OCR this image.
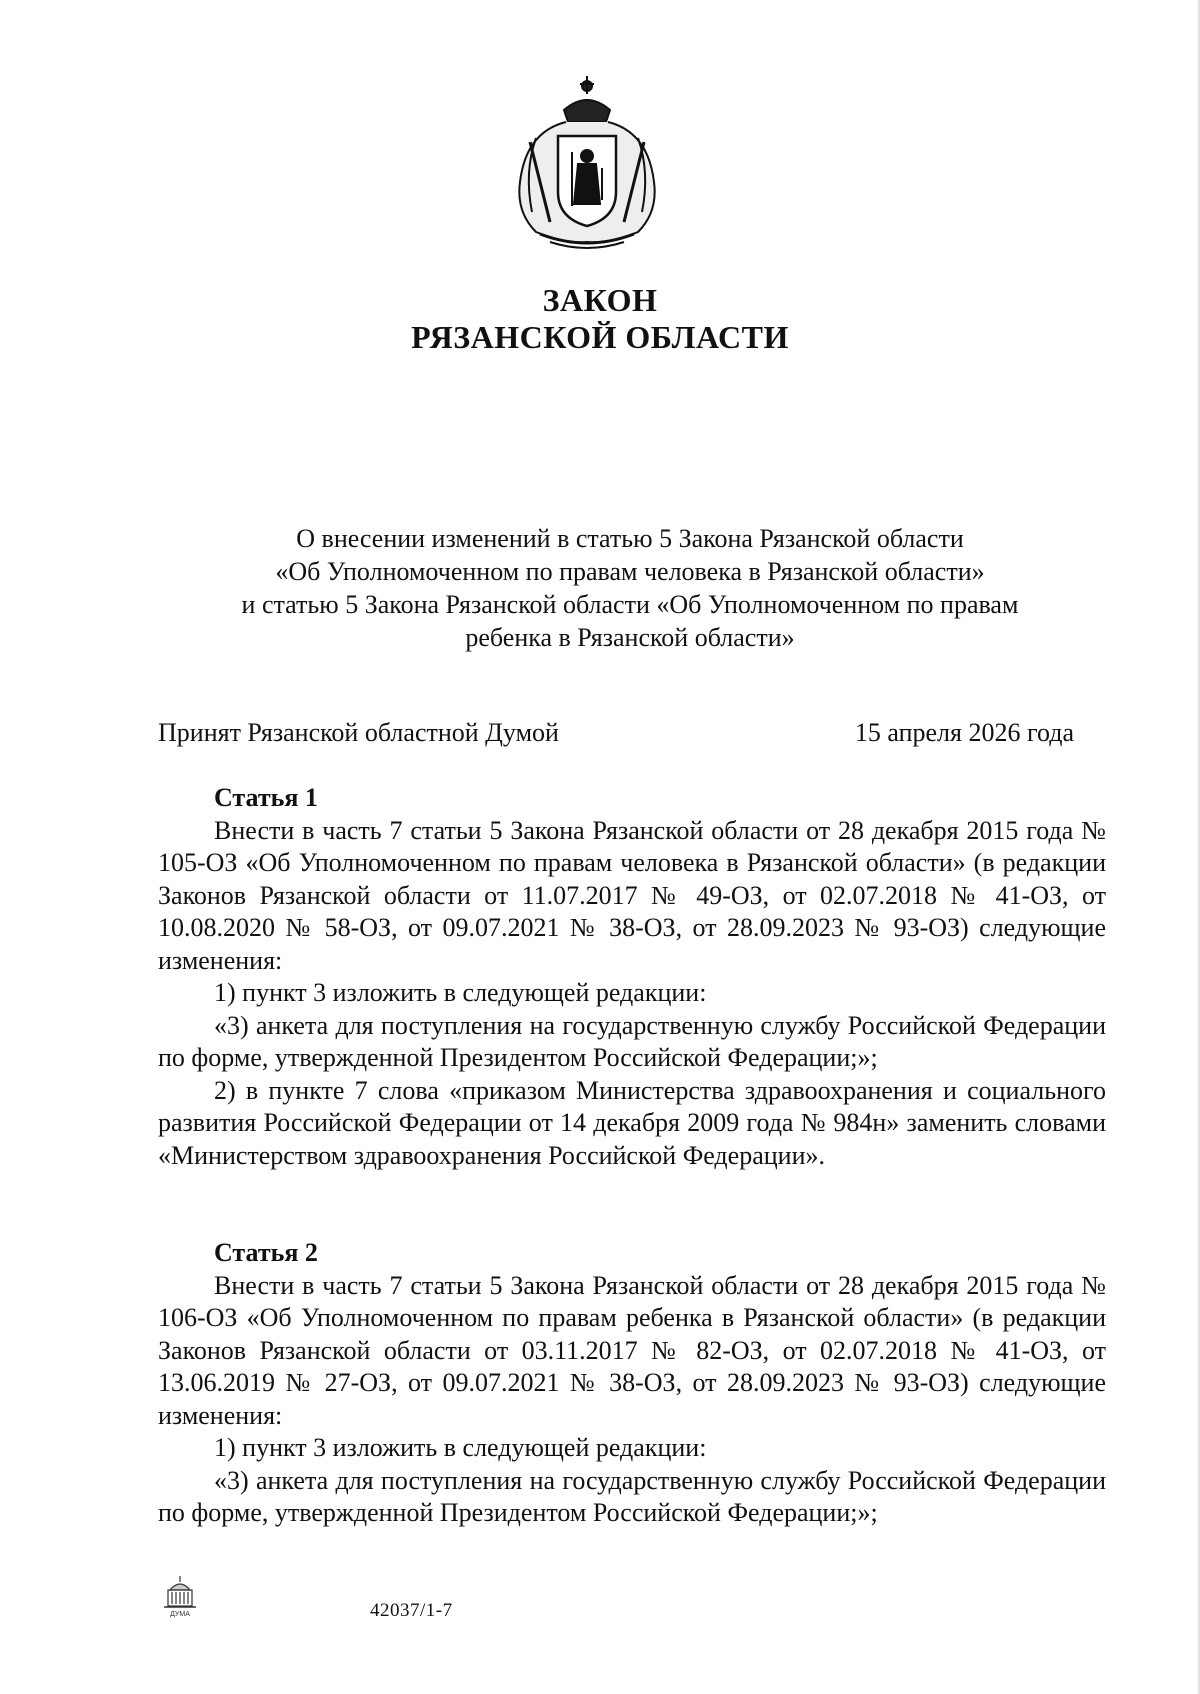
ЗАКОН
РЯЗАНСКОЙ ОБЛАСТИ
О внесении изменений в статью 5 Закона Рязанской области
«Об Уполномоченном по правам человека в Рязанской области»
и статью 5 Закона Рязанской области «Об Уполномоченном по правам
ребенка в Рязанской области»
Принят Рязанской областной Думой	15 апреля 2026 года
Статья 1

Внести в часть 7 статьи 5 Закона Рязанской области от 28 декабря 2015 года № 105-ОЗ «Об Уполномоченном по правам человека в Рязанской области» (в редакции Законов Рязанской области от 11.07.2017 № 49-ОЗ, от 02.07.2018 № 41-ОЗ, от 10.08.2020 № 58-ОЗ, от 09.07.2021 № 38-ОЗ, от 28.09.2023 № 93-ОЗ) следующие изменения:

1) пункт 3 изложить в следующей редакции:

«3) анкета для поступления на государственную службу Российской Федерации по форме, утвержденной Президентом Российской Федерации;»;

2) в пункте 7 слова «приказом Министерства здравоохранения и социального развития Российской Федерации от 14 декабря 2009 года № 984н» заменить словами «Министерством здравоохранения Российской Федерации».

Статья 2

Внести в часть 7 статьи 5 Закона Рязанской области от 28 декабря 2015 года № 106-ОЗ «Об Уполномоченном по правам ребенка в Рязанской области» (в редакции Законов Рязанской области от 03.11.2017 № 82-ОЗ, от 02.07.2018 № 41-ОЗ, от 13.06.2019 № 27-ОЗ, от 09.07.2021 № 38-ОЗ, от 28.09.2023 № 93-ОЗ) следующие изменения:

1) пункт 3 изложить в следующей редакции:

«3) анкета для поступления на государственную службу Российской Федерации по форме, утвержденной Президентом Российской Федерации;»;

ДУМА	42037/1-7
